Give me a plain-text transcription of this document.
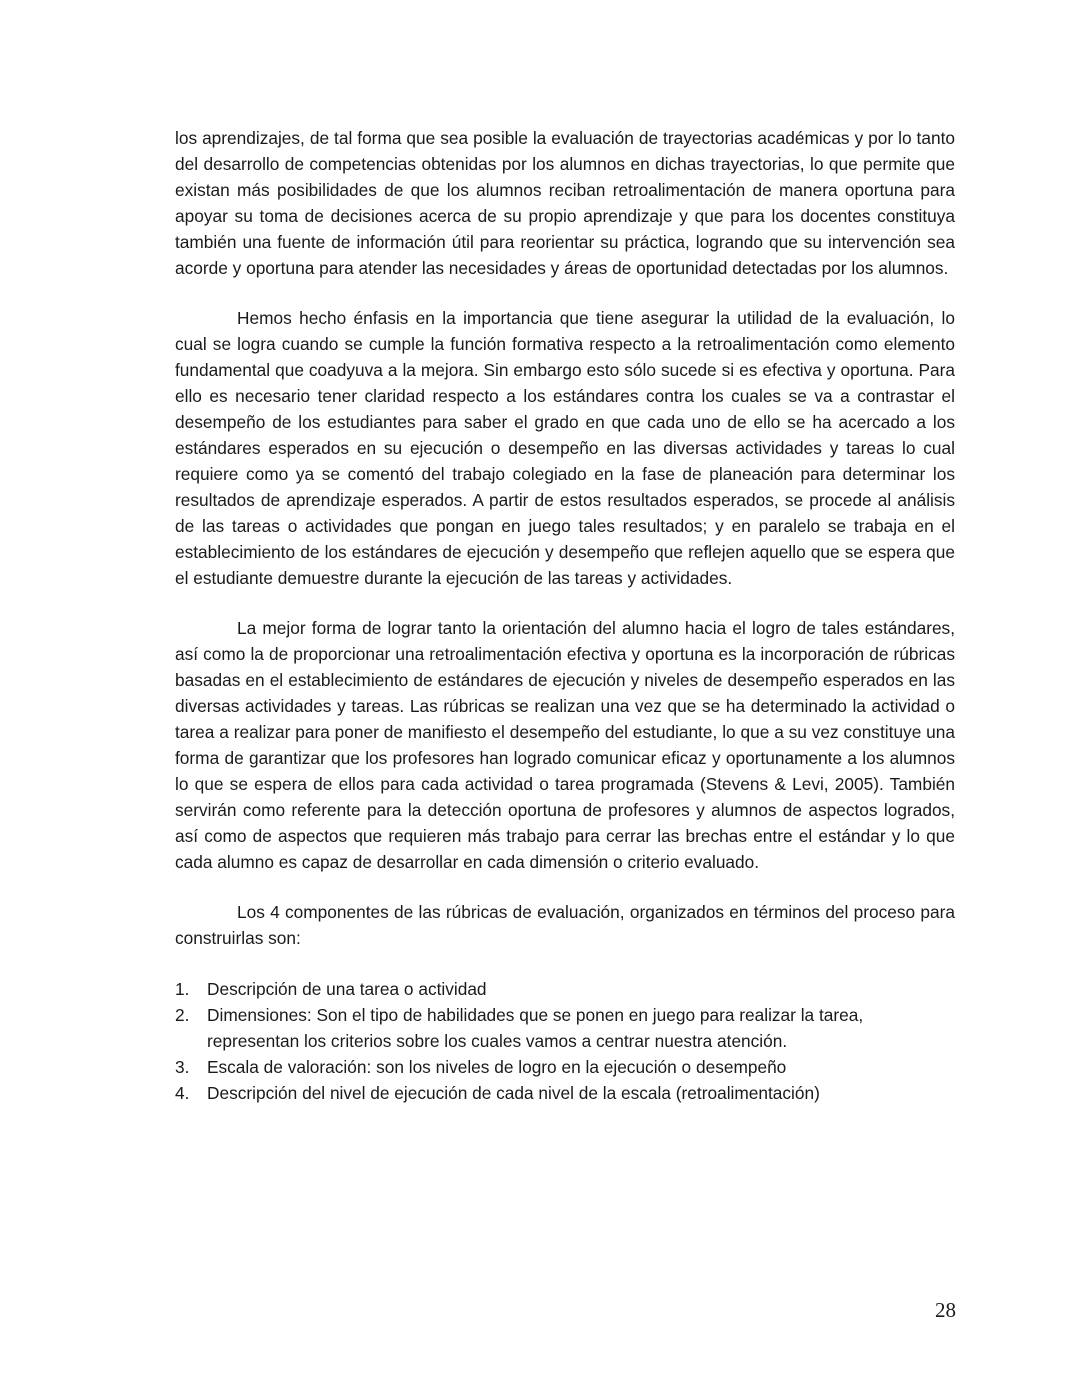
los aprendizajes, de tal forma que sea posible la evaluación de trayectorias académicas y por lo tanto del desarrollo de competencias obtenidas por los alumnos en dichas trayectorias, lo que permite que existan más posibilidades de que los alumnos reciban retroalimentación de manera oportuna para apoyar su toma de decisiones acerca de su propio aprendizaje y que para los docentes constituya también una fuente de información útil para reorientar su práctica, logrando que su intervención sea acorde y oportuna para atender las necesidades y áreas de oportunidad detectadas por los alumnos.

Hemos hecho énfasis en la importancia que tiene asegurar la utilidad de la evaluación, lo cual se logra cuando se cumple la función formativa respecto a la retroalimentación como elemento fundamental que coadyuva a la mejora. Sin embargo esto sólo sucede si es efectiva y oportuna. Para ello es necesario tener claridad respecto a los estándares contra los cuales se va a contrastar el desempeño de los estudiantes para saber el grado en que cada uno de ello se ha acercado a los estándares esperados en su ejecución o desempeño en las diversas actividades y tareas lo cual requiere como ya se comentó del trabajo colegiado en la fase de planeación para determinar los resultados de aprendizaje esperados. A partir de estos resultados esperados, se procede al análisis de las tareas o actividades que pongan en juego tales resultados; y en paralelo se trabaja en el establecimiento de los estándares de ejecución y desempeño que reflejen aquello que se espera que el estudiante demuestre durante la ejecución de las tareas y actividades.

La mejor forma de lograr tanto la orientación del alumno hacia el logro de tales estándares, así como la de proporcionar una retroalimentación efectiva y oportuna es la incorporación de rúbricas basadas en el establecimiento de estándares de ejecución y niveles de desempeño esperados en las diversas actividades y tareas. Las rúbricas se realizan una vez que se ha determinado la actividad o tarea a realizar para poner de manifiesto el desempeño del estudiante, lo que a su vez constituye una forma de garantizar que los profesores han logrado comunicar eficaz y oportunamente a los alumnos lo que se espera de ellos para cada actividad o tarea programada (Stevens & Levi, 2005). También servirán como referente para la detección oportuna de profesores y alumnos de aspectos logrados, así como de aspectos que requieren más trabajo para cerrar las brechas entre el estándar y lo que cada alumno es capaz de desarrollar en cada dimensión o criterio evaluado.

Los 4 componentes de las rúbricas de evaluación, organizados en términos del proceso para construirlas son:

1. Descripción de una tarea o actividad
2. Dimensiones: Son el tipo de habilidades que se ponen en juego para realizar la tarea, representan los criterios sobre los cuales vamos a centrar nuestra atención.
3. Escala de valoración: son los niveles de logro en la ejecución o desempeño
4. Descripción del nivel de ejecución de cada nivel de la escala (retroalimentación)
28
